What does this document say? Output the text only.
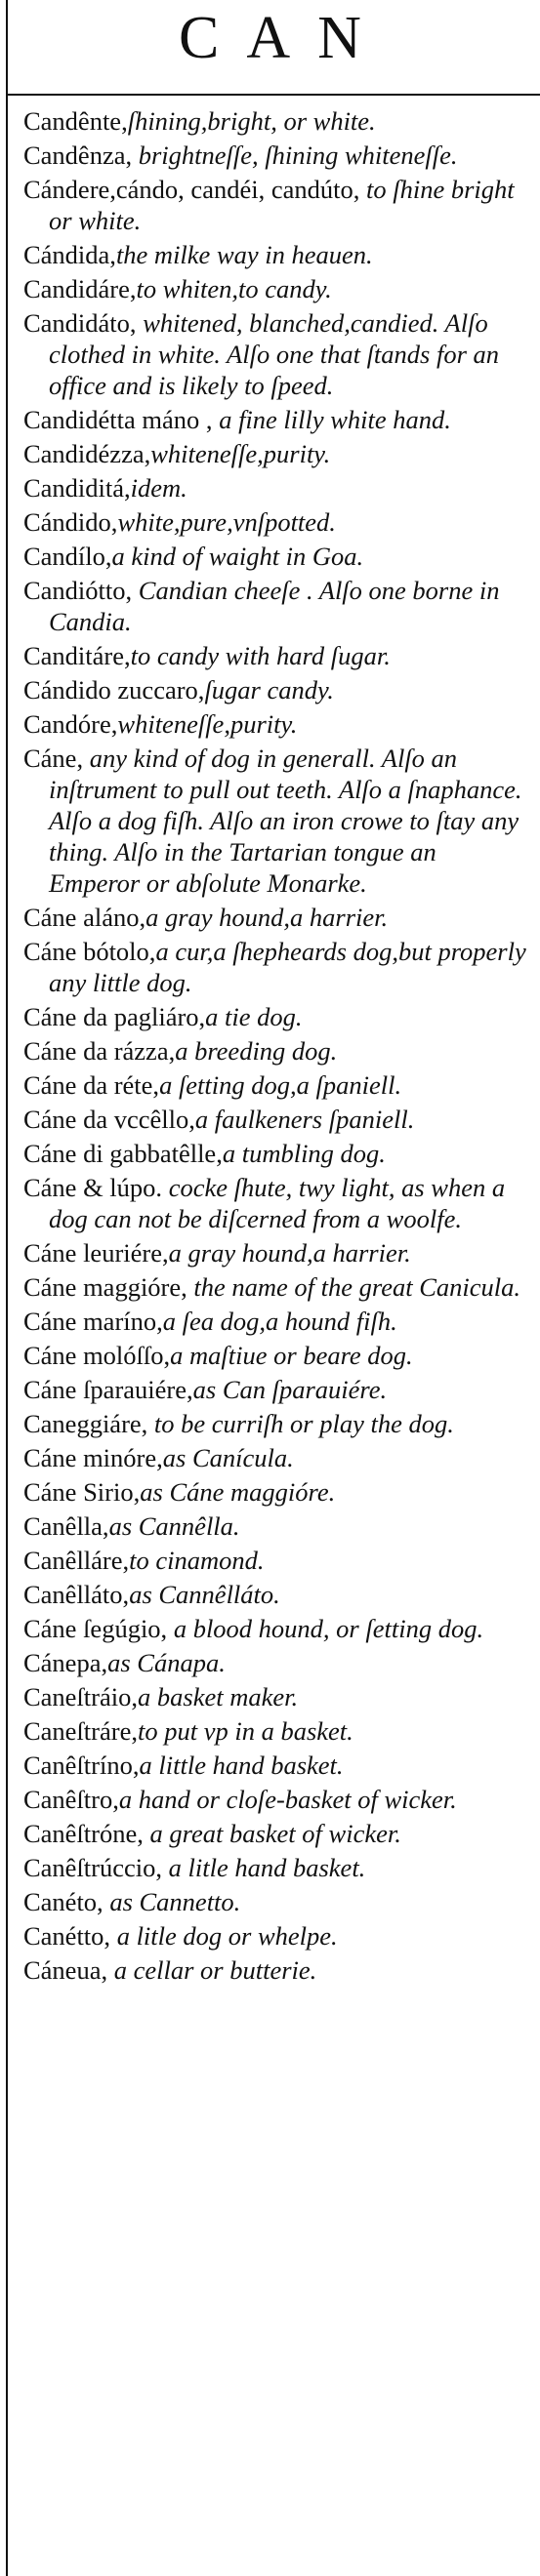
CAN

Candênte,ſhining,bright, or white.

Candênza, brightneſſe, ſhining whiteneſſe.

Cándere,cándo, candéi, candúto, to ſhine bright or white.

Cándida,the milke way in heauen.

Candidáre,to whiten,to candy.

Candidáto, whitened, blanched,candied. Alſo clothed in white. Alſo one that ſtands for an office and is likely to ſpeed.

Candidétta máno , a fine lilly white hand.

Candidézza,whiteneſſe,purity.

Candiditá,idem.

Cándido,white,pure,vnſpotted.

Candílo,a kind of waight in Goa.

Candiótto, Candian cheeſe . Alſo one borne in Candia.

Canditáre,to candy with hard ſugar.

Cándido zuccaro,ſugar candy.

Candóre,whiteneſſe,purity.

Cáne, any kind of dog in generall. Alſo an inſtrument to pull out teeth. Alſo a ſnaphance. Alſo a dog fiſh. Alſo an iron crowe to ſtay any thing. Alſo in the Tartarian tongue an Emperor or abſolute Monarke.

Cáne aláno,a gray hound,a harrier.

Cáne bótolo,a cur,a ſhepheards dog,but properly any little dog.

Cáne da pagliáro,a tie dog.

Cáne da rázza,a breeding dog.

Cáne da réte,a ſetting dog,a ſpaniell.

Cáne da vccêllo,a faulkeners ſpaniell.

Cáne di gabbatêlle,a tumbling dog.

Cáne & lúpo. cocke ſhute, twy light, as when a dog can not be diſcerned from a woolfe.

Cáne leuriére,a gray hound,a harrier.

Cáne maggióre, the name of the great Canicula.

Cáne maríno,a ſea dog,a hound fiſh.

Cáne molóſſo,a maſtiue or beare dog.

Cáne ſparauiére,as Can ſparauiére.

Caneggiáre, to be curriſh or play the dog.

Cáne minóre,as Canícula.

Cáne Sirio,as Cáne maggióre.

Canêlla,as Cannêlla.

Canêlláre,to cinamond.

Canêlláto,as Cannêlláto.

Cáne ſegúgio, a blood hound, or ſetting dog.

Cánepa,as Cánapa.

Caneſtráio,a basket maker.

Caneſtráre,to put vp in a basket.

Canêſtríno,a little hand basket.

Canêſtro,a hand or cloſe-basket of wicker.

Canêſtróne, a great basket of wicker.

Canêſtrúccio, a litle hand basket.

Canéto, as Cannetto.

Canétto, a litle dog or whelpe.

Cáneua, a cellar or butterie.
